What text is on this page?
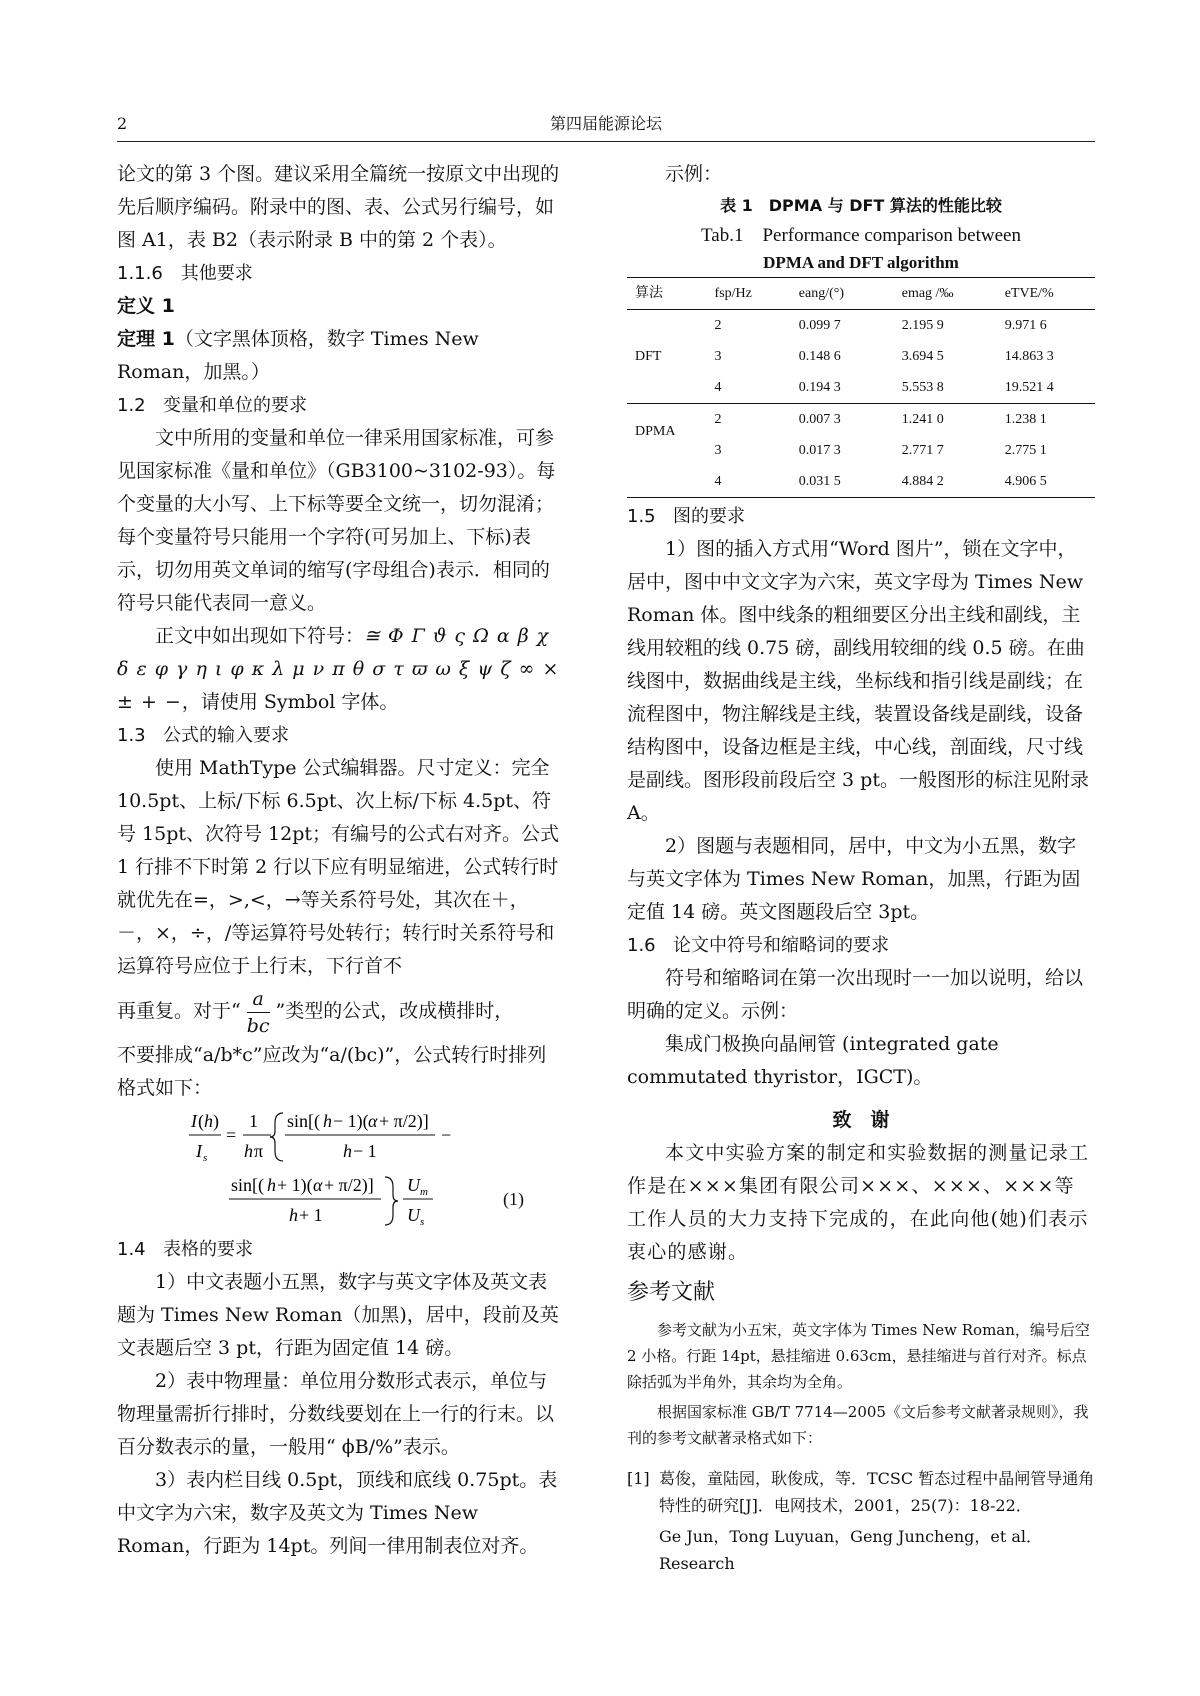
2	第四届能源论坛

论文的第 3 个图。建议采用全篇统一按原文中出现的先后顺序编码。附录中的图、表、公式另行编号，如图 A1，表 B2（表示附录 B 中的第 2 个表）。

1.1.6　其他要求

定义 1

定理 1（文字黑体顶格，数字 Times New Roman，加黑。）

1.2 变量和单位的要求

文中所用的变量和单位一律采用国家标准，可参见国家标准《量和单位》（GB3100~3102-93）。每个变量的大小写、上下标等要全文统一，切勿混淆；每个变量符号只能用一个字符(可另加上、下标)表示，切勿用英文单词的缩写(字母组合)表示．相同的符号只能代表同一意义。

正文中如出现如下符号：≅ Φ Γ ϑ ς Ω α β χ δ ε φ γ η ι φ κ λ μ ν π θ σ τ ϖ ω ξ ψ ζ ∞ × ± + −，请使用 Symbol 字体。

1.3 公式的输入要求

使用 MathType 公式编辑器。尺寸定义：完全 10.5pt、上标/下标 6.5pt、次上标/下标 4.5pt、符号 15pt、次符号 12pt；有编号的公式右对齐。公式 1 行排不下时第 2 行以下应有明显缩进，公式转行时就优先在=，>,<，→等关系符号处，其次在＋，－，×，÷，/等运算符号处转行；转行时关系符号和运算符号应位于上行末，下行首不

再重复。对于“ $\frac{a}{bc}$ ”类型的公式，改成横排时，

不要排成“a/b*c”应改为“a/(bc)”，公式转行时排列格式如下：

I ( h )
I s
=
1
h π
sin[( h − 1)( α + π/2)]
h − 1
−
sin[( h + 1)( α + π/2)]
h + 1
U m
U s
(1)

1.4 表格的要求

1）中文表题小五黑，数字与英文字体及英文表题为 Times New Roman（加黑)，居中，段前及英文表题后空 3 pt，行距为固定值 14 磅。

2）表中物理量：单位用分数形式表示，单位与物理量需折行排时，分数线要划在上一行的行末。以百分数表示的量，一般用“ ϕB/%”表示。

3）表内栏目线 0.5pt，顶线和底线 0.75pt。表中文字为六宋，数字及英文为 Times New Roman，行距为 14pt。列间一律用制表位对齐。

示例：

表 1　DPMA 与 DFT 算法的性能比较

Tab.1　Performance comparison between

DPMA and DFT algorithm

算法	fsp/Hz	eang/(°)	emag /‰	eTVE/%
DFT	2	0.099 7	2.195 9	9.971 6
	3	0.148 6	3.694 5	14.863 3
	4	0.194 3	5.553 8	19.521 4
DPMA	2	0.007 3	1.241 0	1.238 1
	3	0.017 3	2.771 7	2.775 1
	4	0.031 5	4.884 2	4.906 5

1.5 图的要求

1）图的插入方式用“Word 图片”，锁在文字中，居中，图中中文文字为六宋，英文字母为 Times New Roman 体。图中线条的粗细要区分出主线和副线，主线用较粗的线 0.75 磅，副线用较细的线 0.5 磅。在曲线图中，数据曲线是主线，坐标线和指引线是副线；在流程图中，物注解线是主线，装置设备线是副线，设备结构图中，设备边框是主线，中心线，剖面线，尺寸线是副线。图形段前段后空 3 pt。一般图形的标注见附录 A。

2）图题与表题相同，居中，中文为小五黑，数字与英文字体为 Times New Roman，加黑，行距为固定值 14 磅。英文图题段后空 3pt。

1.6 论文中符号和缩略词的要求

符号和缩略词在第一次出现时一一加以说明，给以明确的定义。示例：

集成门极换向晶闸管 (integrated gate commutated thyristor，IGCT)。

致　谢

本文中实验方案的制定和实验数据的测量记录工作是在×××集团有限公司×××、×××、×××等工作人员的大力支持下完成的，在此向他(她)们表示衷心的感谢。

参考文献

参考文献为小五宋，英文字体为 Times New Roman，编号后空 2 小格。行距 14pt，悬挂缩进 0.63cm，悬挂缩进与首行对齐。标点除括弧为半角外，其余均为全角。

根据国家标准 GB/T 7714—2005《文后参考文献著录规则》，我刊的参考文献著录格式如下：

[1] 葛俊，童陆园，耿俊成，等．TCSC 暂态过程中晶闸管导通角特性的研究[J]．电网技术，2001，25(7)：18-22．
Ge Jun，Tong Luyuan，Geng Juncheng，et al．Research
